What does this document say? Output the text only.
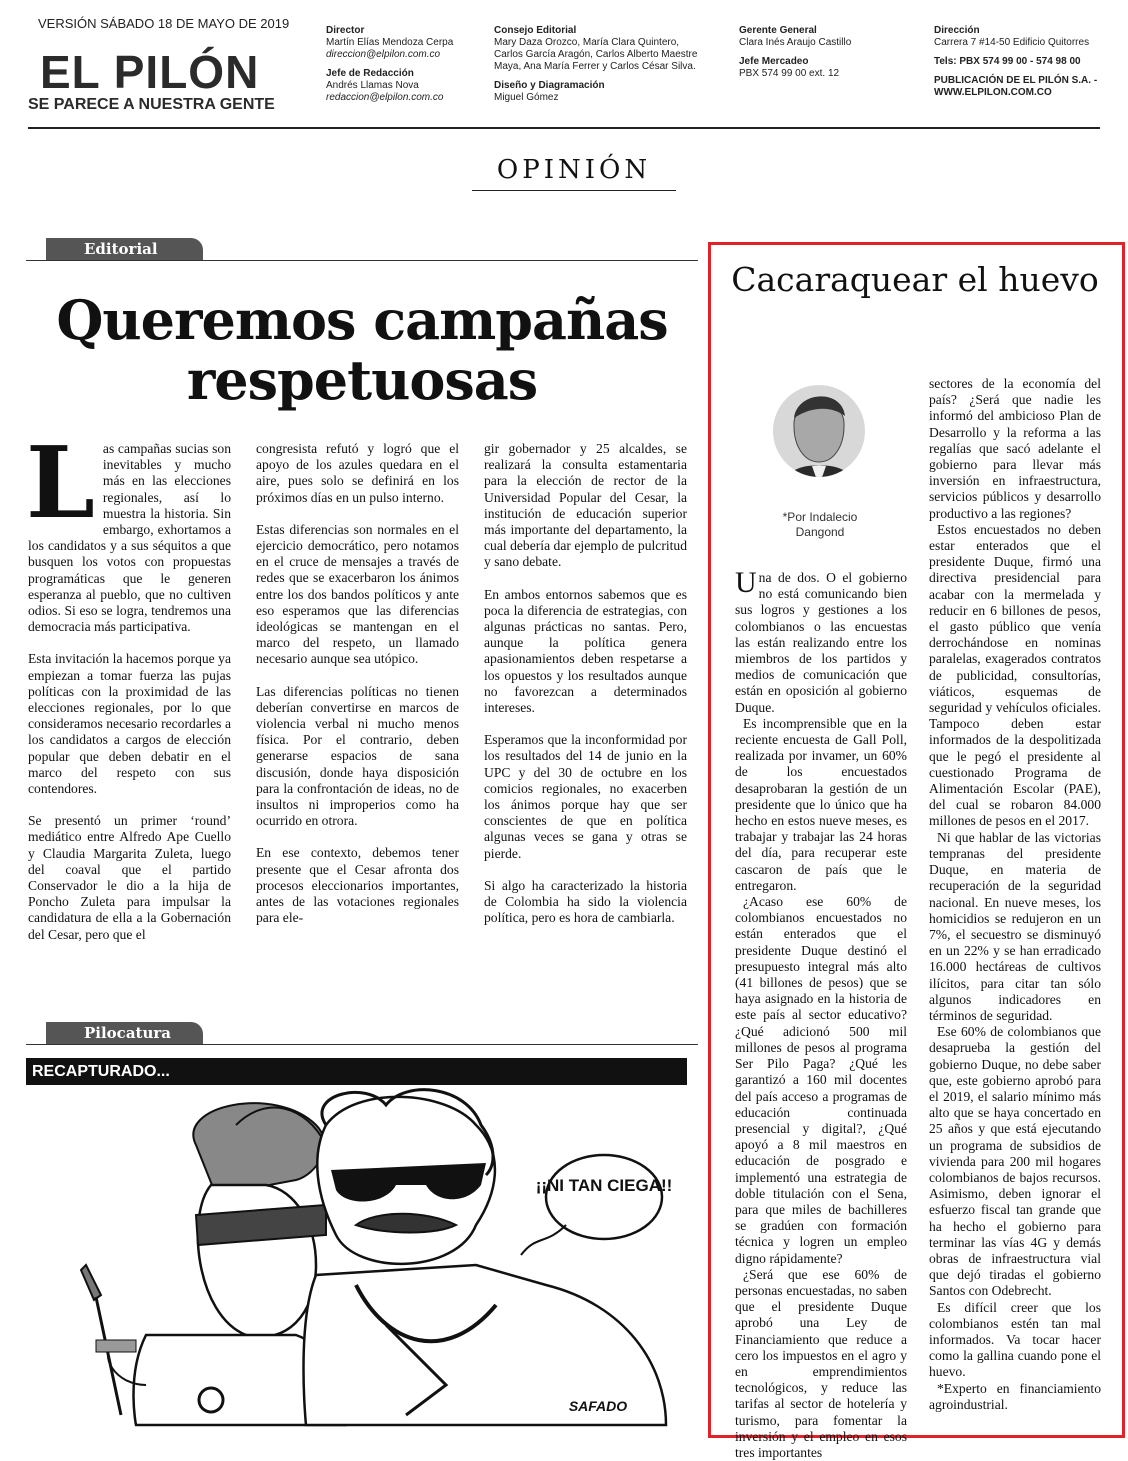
VERSIÓN SÁBADO 18 DE MAYO DE 2019
EL PILÓN
SE PARECE A NUESTRA GENTE
Director
Martín Elías Mendoza Cerpa
direccion@elpilon.com.co
Jefe de Redacción
Andrés Llamas Nova
redaccion@elpilon.com.co
Consejo Editorial
Mary Daza Orozco, María Clara Quintero, Carlos García Aragón, Carlos Alberto Maestre Maya, Ana María Ferrer y Carlos César Silva.
Diseño y Diagramación
Miguel Gómez
Gerente General
Clara Inés Araujo Castillo
Jefe Mercadeo
PBX 574 99 00 ext. 12
Dirección
Carrera 7 #14-50 Edificio Quitorres
Tels: PBX 574 99 00 - 574 98 00
PUBLICACIÓN DE EL PILÓN S.A. -
WWW.ELPILON.COM.CO
OPINIÓN
Editorial
Queremos campañas respetuosas

Las campañas sucias son inevitables y mucho más en las elecciones regionales, así lo muestra la historia. Sin embargo, exhortamos a los candidatos y a sus séquitos a que busquen los votos con propuestas programáticas que le generen esperanza al pueblo, que no cultiven odios. Si eso se logra, tendremos una democracia más participativa.

Esta invitación la hacemos porque ya empiezan a tomar fuerza las pujas políticas con la proximidad de las elecciones regionales, por lo que consideramos necesario recordarles a los candidatos a cargos de elección popular que deben debatir en el marco del respeto con sus contendores.

Se presentó un primer ‘round’ mediático entre Alfredo Ape Cuello y Claudia Margarita Zuleta, luego del coaval que el partido Conservador le dio a la hija de Poncho Zuleta para impulsar la candidatura de ella a la Gobernación del Cesar, pero que el

congresista refutó y logró que el apoyo de los azules quedara en el aire, pues solo se definirá en los próximos días en un pulso interno.

Estas diferencias son normales en el ejercicio democrático, pero notamos en el cruce de mensajes a través de redes que se exacerbaron los ánimos entre los dos bandos políticos y ante eso esperamos que las diferencias ideológicas se mantengan en el marco del respeto, un llamado necesario aunque sea utópico.

Las diferencias políticas no tienen deberían convertirse en marcos de violencia verbal ni mucho menos física. Por el contrario, deben generarse espacios de sana discusión, donde haya disposición para la confrontación de ideas, no de insultos ni improperios como ha ocurrido en otrora.

En ese contexto, debemos tener presente que el Cesar afronta dos procesos eleccionarios importantes, antes de las votaciones regionales para ele-

gir gobernador y 25 alcaldes, se realizará la consulta estamentaria para la elección de rector de la Universidad Popular del Cesar, la institución de educación superior más importante del departamento, la cual debería dar ejemplo de pulcritud y sano debate.

En ambos entornos sabemos que es poca la diferencia de estrategias, con algunas prácticas no santas. Pero, aunque la política genera apasionamientos deben respetarse a los opuestos y los resultados aunque no favorezcan a determinados intereses.

Esperamos que la inconformidad por los resultados del 14 de junio en la UPC y del 30 de octubre en los comicios regionales, no exacerben los ánimos porque hay que ser conscientes de que en política algunas veces se gana y otras se pierde.

Si algo ha caracterizado la historia de Colombia ha sido la violencia política, pero es hora de cambiarla.

Pilocatura
RECAPTURADO...
¡¡NI TAN CIEGA!!
SAFADO
Cacaraquear el huevo
*Por Indalecio Dangond

Una de dos. O el gobierno no está comunicando bien sus logros y gestiones a los colombianos o las encuestas las están realizando entre los miembros de los partidos y medios de comunicación que están en oposición al gobierno Duque.

Es incomprensible que en la reciente encuesta de Gall Poll, realizada por invamer, un 60% de los encuestados desaprobaran la gestión de un presidente que lo único que ha hecho en estos nueve meses, es trabajar y trabajar las 24 horas del día, para recuperar este cascaron de país que le entregaron.

¿Acaso ese 60% de colombianos encuestados no están enterados que el presidente Duque destinó el presupuesto integral más alto (41 billones de pesos) que se haya asignado en la historia de este país al sector educativo? ¿Qué adicionó 500 mil millones de pesos al programa Ser Pilo Paga? ¿Qué les garantizó a 160 mil docentes del país acceso a programas de educación continuada presencial y digital?, ¿Qué apoyó a 8 mil maestros en educación de posgrado e implementó una estrategia de doble titulación con el Sena, para que miles de bachilleres se gradúen con formación técnica y logren un empleo digno rápidamente?

¿Será que ese 60% de personas encuestadas, no saben que el presidente Duque aprobó una Ley de Financiamiento que reduce a cero los impuestos en el agro y en emprendimientos tecnológicos, y reduce las tarifas al sector de hotelería y turismo, para fomentar la inversión y el empleo en esos tres importantes

sectores de la economía del país? ¿Será que nadie les informó del ambicioso Plan de Desarrollo y la reforma a las regalías que sacó adelante el gobierno para llevar más inversión en infraestructura, servicios públicos y desarrollo productivo a las regiones?

Estos encuestados no deben estar enterados que el presidente Duque, firmó una directiva presidencial para acabar con la mermelada y reducir en 6 billones de pesos, el gasto público que venía derrochándose en nominas paralelas, exagerados contratos de publicidad, consultorías, viáticos, esquemas de seguridad y vehículos oficiales. Tampoco deben estar informados de la despolitizada que le pegó el presidente al cuestionado Programa de Alimentación Escolar (PAE), del cual se robaron 84.000 millones de pesos en el 2017.

Ni que hablar de las victorias tempranas del presidente Duque, en materia de recuperación de la seguridad nacional. En nueve meses, los homicidios se redujeron en un 7%, el secuestro se disminuyó en un 22% y se han erradicado 16.000 hectáreas de cultivos ilícitos, para citar tan sólo algunos indicadores en términos de seguridad.

Ese 60% de colombianos que desaprueba la gestión del gobierno Duque, no debe saber que, este gobierno aprobó para el 2019, el salario mínimo más alto que se haya concertado en 25 años y que está ejecutando un programa de subsidios de vivienda para 200 mil hogares colombianos de bajos recursos. Asimismo, deben ignorar el esfuerzo fiscal tan grande que ha hecho el gobierno para terminar las vías 4G y demás obras de infraestructura vial que dejó tiradas el gobierno Santos con Odebrecht.

Es difícil creer que los colombianos estén tan mal informados. Va tocar hacer como la gallina cuando pone el huevo.

*Experto en financiamiento agroindustrial.
